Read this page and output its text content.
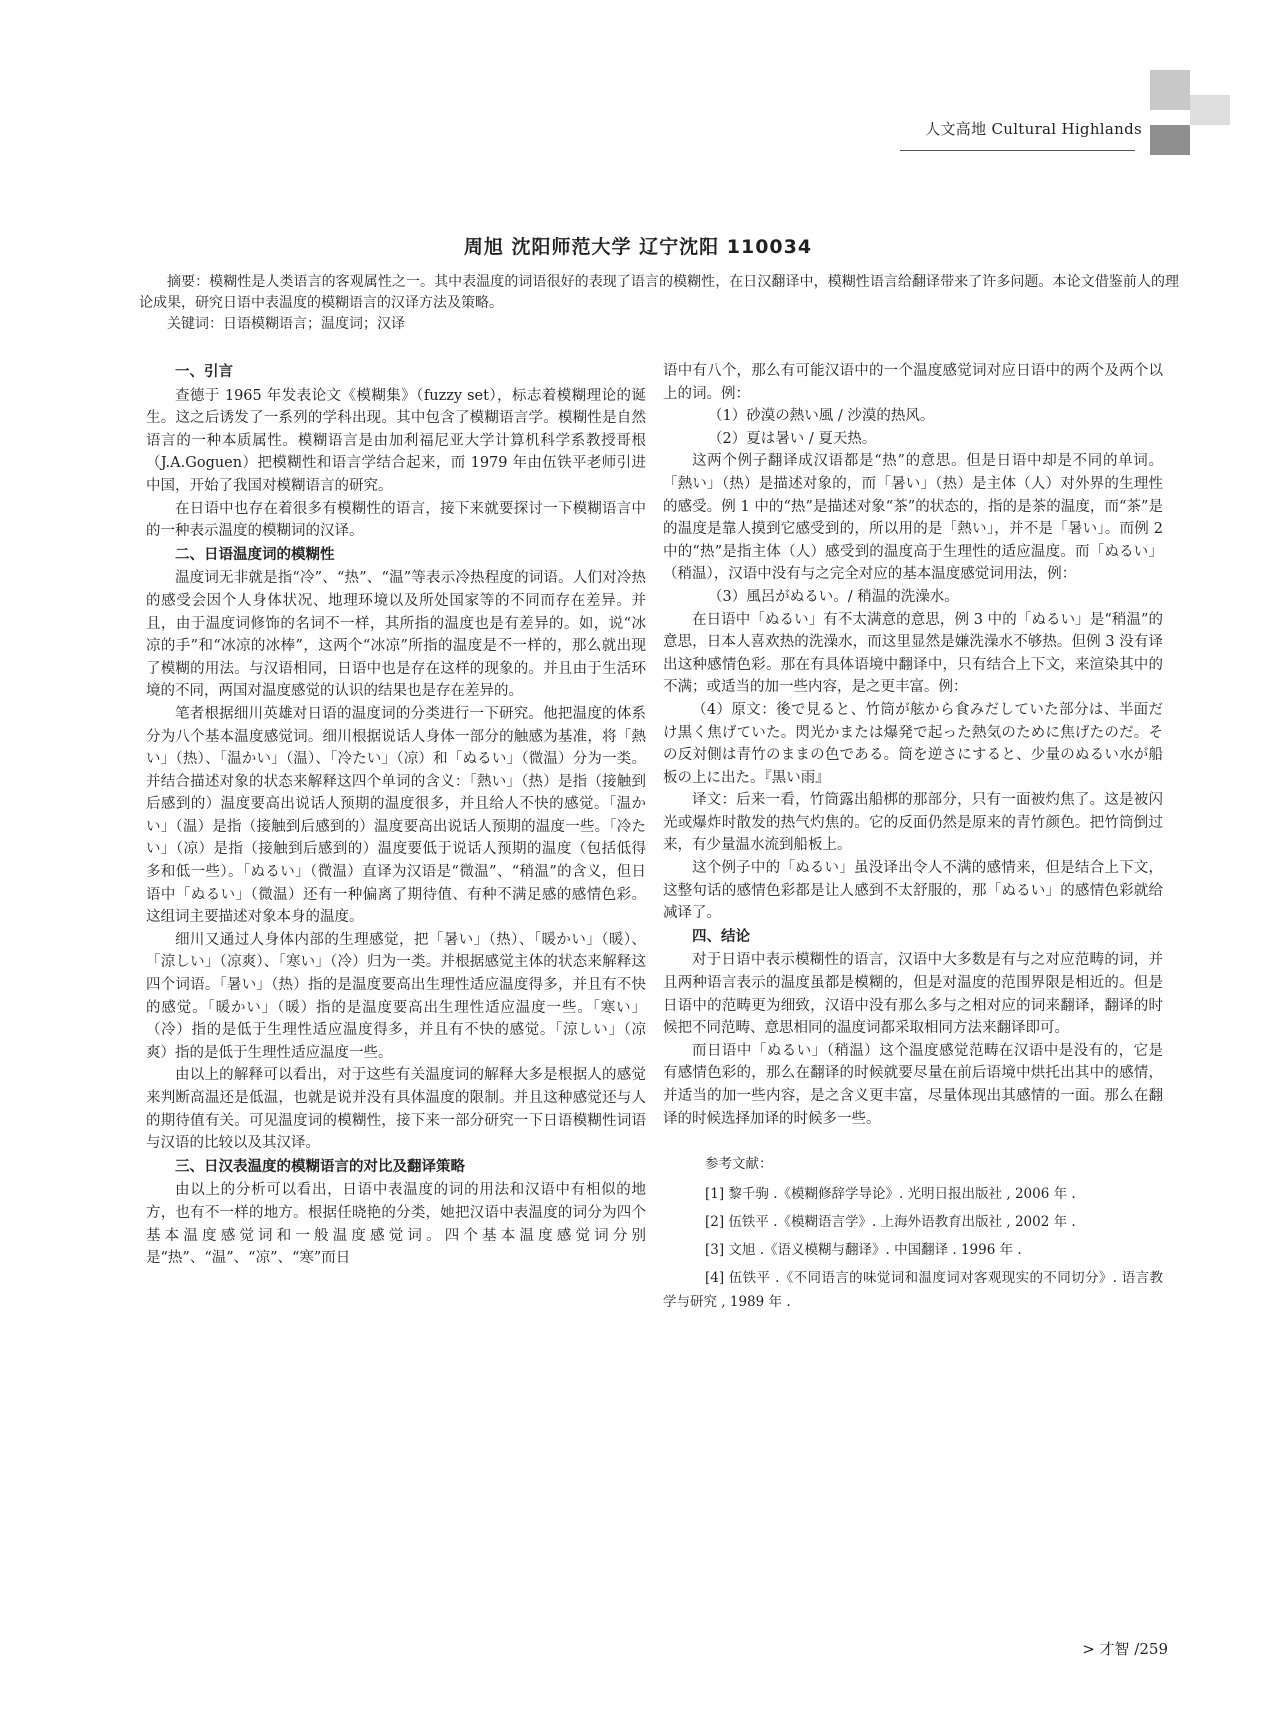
人文高地 Cultural Highlands
周旭 沈阳师范大学 辽宁沈阳 110034

摘要：模糊性是人类语言的客观属性之一。其中表温度的词语很好的表现了语言的模糊性，在日汉翻译中，模糊性语言给翻译带来了许多问题。本论文借鉴前人的理论成果，研究日语中表温度的模糊语言的汉译方法及策略。

关键词：日语模糊语言；温度词；汉译

一、引言

查德于 1965 年发表论文《模糊集》（fuzzy set），标志着模糊理论的诞生。这之后诱发了一系列的学科出现。其中包含了模糊语言学。模糊性是自然语言的一种本质属性。模糊语言是由加利福尼亚大学计算机科学系教授哥根（J.A.Goguen）把模糊性和语言学结合起来，而 1979 年由伍铁平老师引进中国，开始了我国对模糊语言的研究。

在日语中也存在着很多有模糊性的语言，接下来就要探讨一下模糊语言中的一种表示温度的模糊词的汉译。

二、日语温度词的模糊性

温度词无非就是指“冷”、“热”、“温”等表示冷热程度的词语。人们对冷热的感受会因个人身体状况、地理环境以及所处国家等的不同而存在差异。并且，由于温度词修饰的名词不一样，其所指的温度也是有差异的。如，说“冰凉的手”和“冰凉的冰棒”，这两个“冰凉”所指的温度是不一样的，那么就出现了模糊的用法。与汉语相同，日语中也是存在这样的现象的。并且由于生活环境的不同，两国对温度感觉的认识的结果也是存在差异的。

笔者根据细川英雄对日语的温度词的分类进行一下研究。他把温度的体系分为八个基本温度感觉词。细川根据说话人身体一部分的触感为基准，将「熱い」（热）、「温かい」（温）、「冷たい」（凉）和「ぬるい」（微温）分为一类。并结合描述对象的状态来解释这四个单词的含义：「熱い」（热）是指（接触到后感到的）温度要高出说话人预期的温度很多，并且给人不快的感觉。「温かい」（温）是指（接触到后感到的）温度要高出说话人预期的温度一些。「冷たい」（凉）是指（接触到后感到的）温度要低于说话人预期的温度（包括低得多和低一些）。「ぬるい」（微温）直译为汉语是“微温”、“稍温”的含义，但日语中「ぬるい」（微温）还有一种偏离了期待值、有种不满足感的感情色彩。这组词主要描述对象本身的温度。

细川又通过人身体内部的生理感觉，把「暑い」（热）、「暖かい」（暖）、「涼しい」（凉爽）、「寒い」（冷）归为一类。并根据感觉主体的状态来解释这四个词语。「暑い」（热）指的是温度要高出生理性适应温度得多，并且有不快的感觉。「暖かい」（暖）指的是温度要高出生理性适应温度一些。「寒い」（冷）指的是低于生理性适应温度得多，并且有不快的感觉。「涼しい」（凉爽）指的是低于生理性适应温度一些。

由以上的解释可以看出，对于这些有关温度词的解释大多是根据人的感觉来判断高温还是低温，也就是说并没有具体温度的限制。并且这种感觉还与人的期待值有关。可见温度词的模糊性，接下来一部分研究一下日语模糊性词语与汉语的比较以及其汉译。

三、日汉表温度的模糊语言的对比及翻译策略

由以上的分析可以看出，日语中表温度的词的用法和汉语中有相似的地方，也有不一样的地方。根据任晓艳的分类，她把汉语中表温度的词分为四个基本温度感觉词和一般温度感觉词。四个基本温度感觉词分别是“热”、“温”、“凉”、“寒”而日

语中有八个，那么有可能汉语中的一个温度感觉词对应日语中的两个及两个以上的词。例：

（1）砂漠の熱い風 / 沙漠的热风。

（2）夏は暑い / 夏天热。

这两个例子翻译成汉语都是“热”的意思。但是日语中却是不同的单词。「熱い」（热）是描述对象的，而「暑い」（热）是主体（人）对外界的生理性的感受。例 1 中的“热”是描述对象“茶”的状态的，指的是茶的温度，而“茶”是的温度是靠人摸到它感受到的，所以用的是「熱い」，并不是「暑い」。而例 2 中的“热”是指主体（人）感受到的温度高于生理性的适应温度。而「ぬるい」（稍温），汉语中没有与之完全对应的基本温度感觉词用法，例：

（3）風呂がぬるい。/ 稍温的洗澡水。

在日语中「ぬるい」有不太满意的意思，例 3 中的「ぬるい」是“稍温”的意思，日本人喜欢热的洗澡水，而这里显然是嫌洗澡水不够热。但例 3 没有译出这种感情色彩。那在有具体语境中翻译中，只有结合上下文，来渲染其中的不满；或适当的加一些内容，是之更丰富。例：

（4）原文：後で見ると、竹筒が舷から食みだしていた部分は、半面だけ黒く焦げていた。閃光かまたは爆発で起った熱気のために焦げたのだ。その反対側は青竹のままの色である。筒を逆さにすると、少量のぬるい水が船板の上に出た。『黒い雨』

译文：后来一看，竹筒露出船梆的那部分，只有一面被灼焦了。这是被闪光或爆炸时散发的热气灼焦的。它的反面仍然是原来的青竹颜色。把竹筒倒过来，有少量温水流到船板上。

这个例子中的「ぬるい」虽没译出令人不满的感情来，但是结合上下文，这整句话的感情色彩都是让人感到不太舒服的，那「ぬるい」的感情色彩就给减译了。

四、结论

对于日语中表示模糊性的语言，汉语中大多数是有与之对应范畴的词，并且两种语言表示的温度虽都是模糊的，但是对温度的范围界限是相近的。但是日语中的范畴更为细致，汉语中没有那么多与之相对应的词来翻译，翻译的时候把不同范畴、意思相同的温度词都采取相同方法来翻译即可。

而日语中「ぬるい」（稍温）这个温度感觉范畴在汉语中是没有的，它是有感情色彩的，那么在翻译的时候就要尽量在前后语境中烘托出其中的感情，并适当的加一些内容，是之含义更丰富，尽量体现出其感情的一面。那么在翻译的时候选择加译的时候多一些。

参考文献：

[1] 黎千驹 .《模糊修辞学导论》. 光明日报出版社 , 2006 年 .

[2] 伍铁平 .《模糊语言学》. 上海外语教育出版社 , 2002 年 .

[3] 文旭 .《语义模糊与翻译》. 中国翻译 . 1996 年 .

[4] 伍铁平 .《不同语言的味觉词和温度词对客观现实的不同切分》. 语言教学与研究 , 1989 年 .

> 才智 /259
